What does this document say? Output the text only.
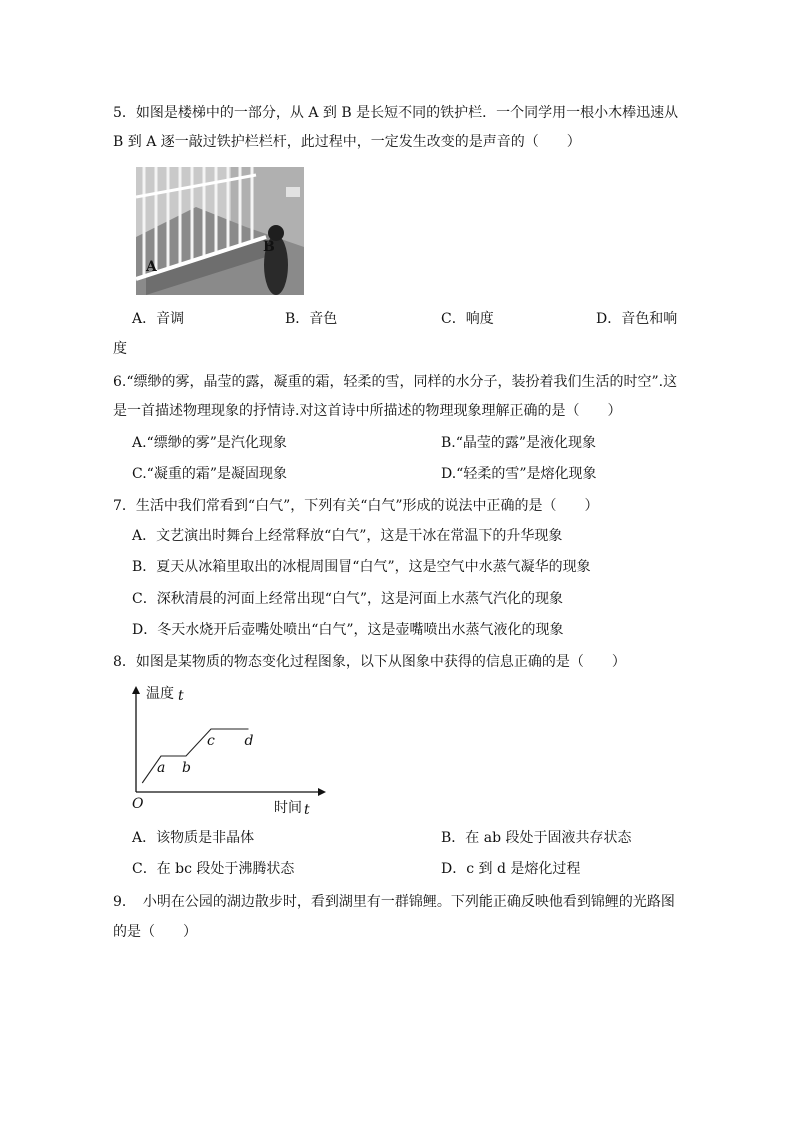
5．如图是楼梯中的一部分，从 A 到 B 是长短不同的铁护栏．一个同学用一根小木棒迅速从
B 到 A 逐一敲过铁护栏栏杆，此过程中，一定发生改变的是声音的（　　）
A
B
A．音调	B．音色	C．响度	D．音色和响
度
6.“缥缈的雾，晶莹的露，凝重的霜，轻柔的雪，同样的水分子，装扮着我们生活的时空”.这
是一首描述物理现象的抒情诗.对这首诗中所描述的物理现象理解正确的是（　　）
A.“缥缈的雾”是汽化现象	B.“晶莹的露”是液化现象
C.“凝重的霜”是凝固现象	D.“轻柔的雪”是熔化现象
7．生活中我们常看到“白气”，下列有关“白气”形成的说法中正确的是（　　）
A．文艺演出时舞台上经常释放“白气”，这是干冰在常温下的升华现象
B．夏天从冰箱里取出的冰棍周围冒“白气”，这是空气中水蒸气凝华的现象
C．深秋清晨的河面上经常出现“白气”，这是河面上水蒸气汽化的现象
D．冬天水烧开后壶嘴处喷出“白气”，这是壶嘴喷出水蒸气液化的现象
8．如图是某物质的物态变化过程图象，以下从图象中获得的信息正确的是（　　）
a b
c d
温度 t
时间 t
O
A．该物质是非晶体	B．在 ab 段处于固液共存状态
C．在 bc 段处于沸腾状态	D．c 到 d 是熔化过程
9．　小明在公园的湖边散步时，看到湖里有一群锦鲤。下列能正确反映他看到锦鲤的光路图
的是（　　）
